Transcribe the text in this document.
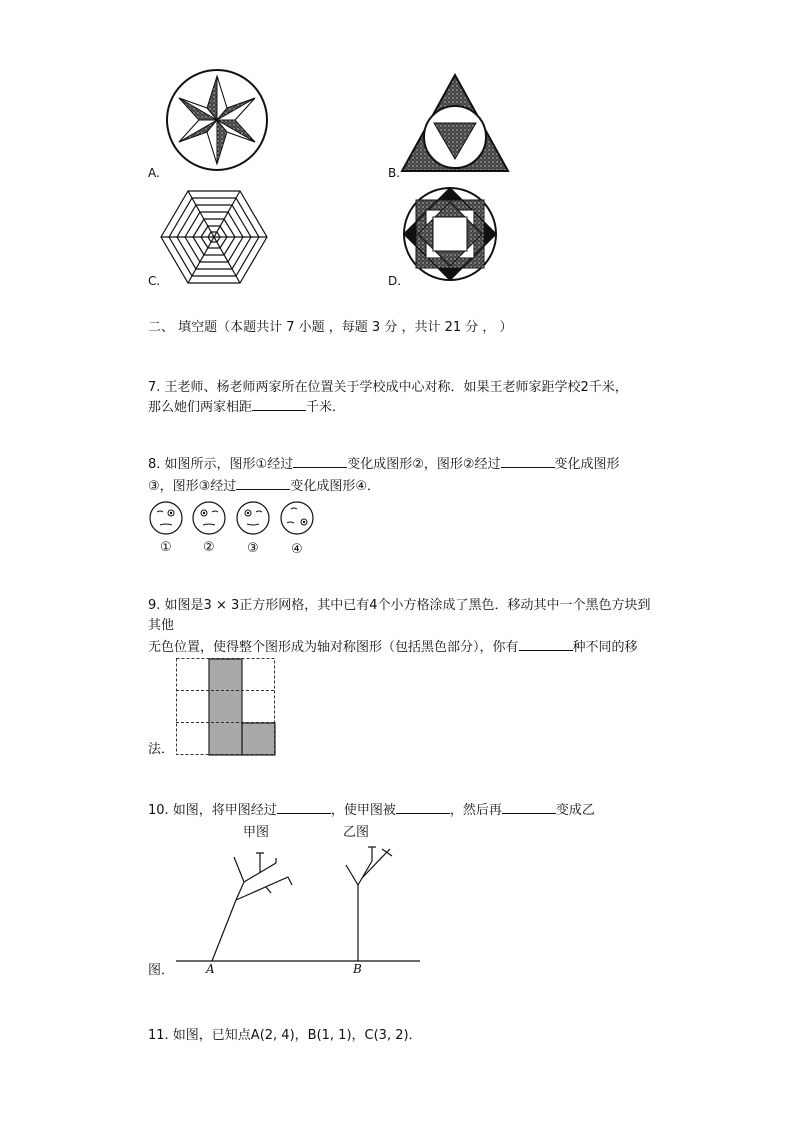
A.	B.
C.	D.
二、 填空题（本题共计 7 小题 ，每题 3 分 ，共计 21 分 ， ）
7. 王老师、杨老师两家所在位置关于学校成中心对称．如果王老师家距学校2千米，
那么她们两家相距	千米．
8. 如图所示，图形①经过	变化成图形②，图形②经过	变化成图形
③，图形③经过	变化成图形④．
① ② ③ ④
9. 如图是3 × 3正方形网格，其中已有4个小方格涂成了黑色．移动其中一个黑色方块到
其他
无色位置，使得整个图形成为轴对称图形（包括黑色部分），你有	种不同的移
法．
10. 如图，将甲图经过	，使甲图被	，然后再	变成乙
甲图	乙图
A	B
图．
11. 如图，已知点A(2, 4)，B(1, 1)，C(3, 2)．
